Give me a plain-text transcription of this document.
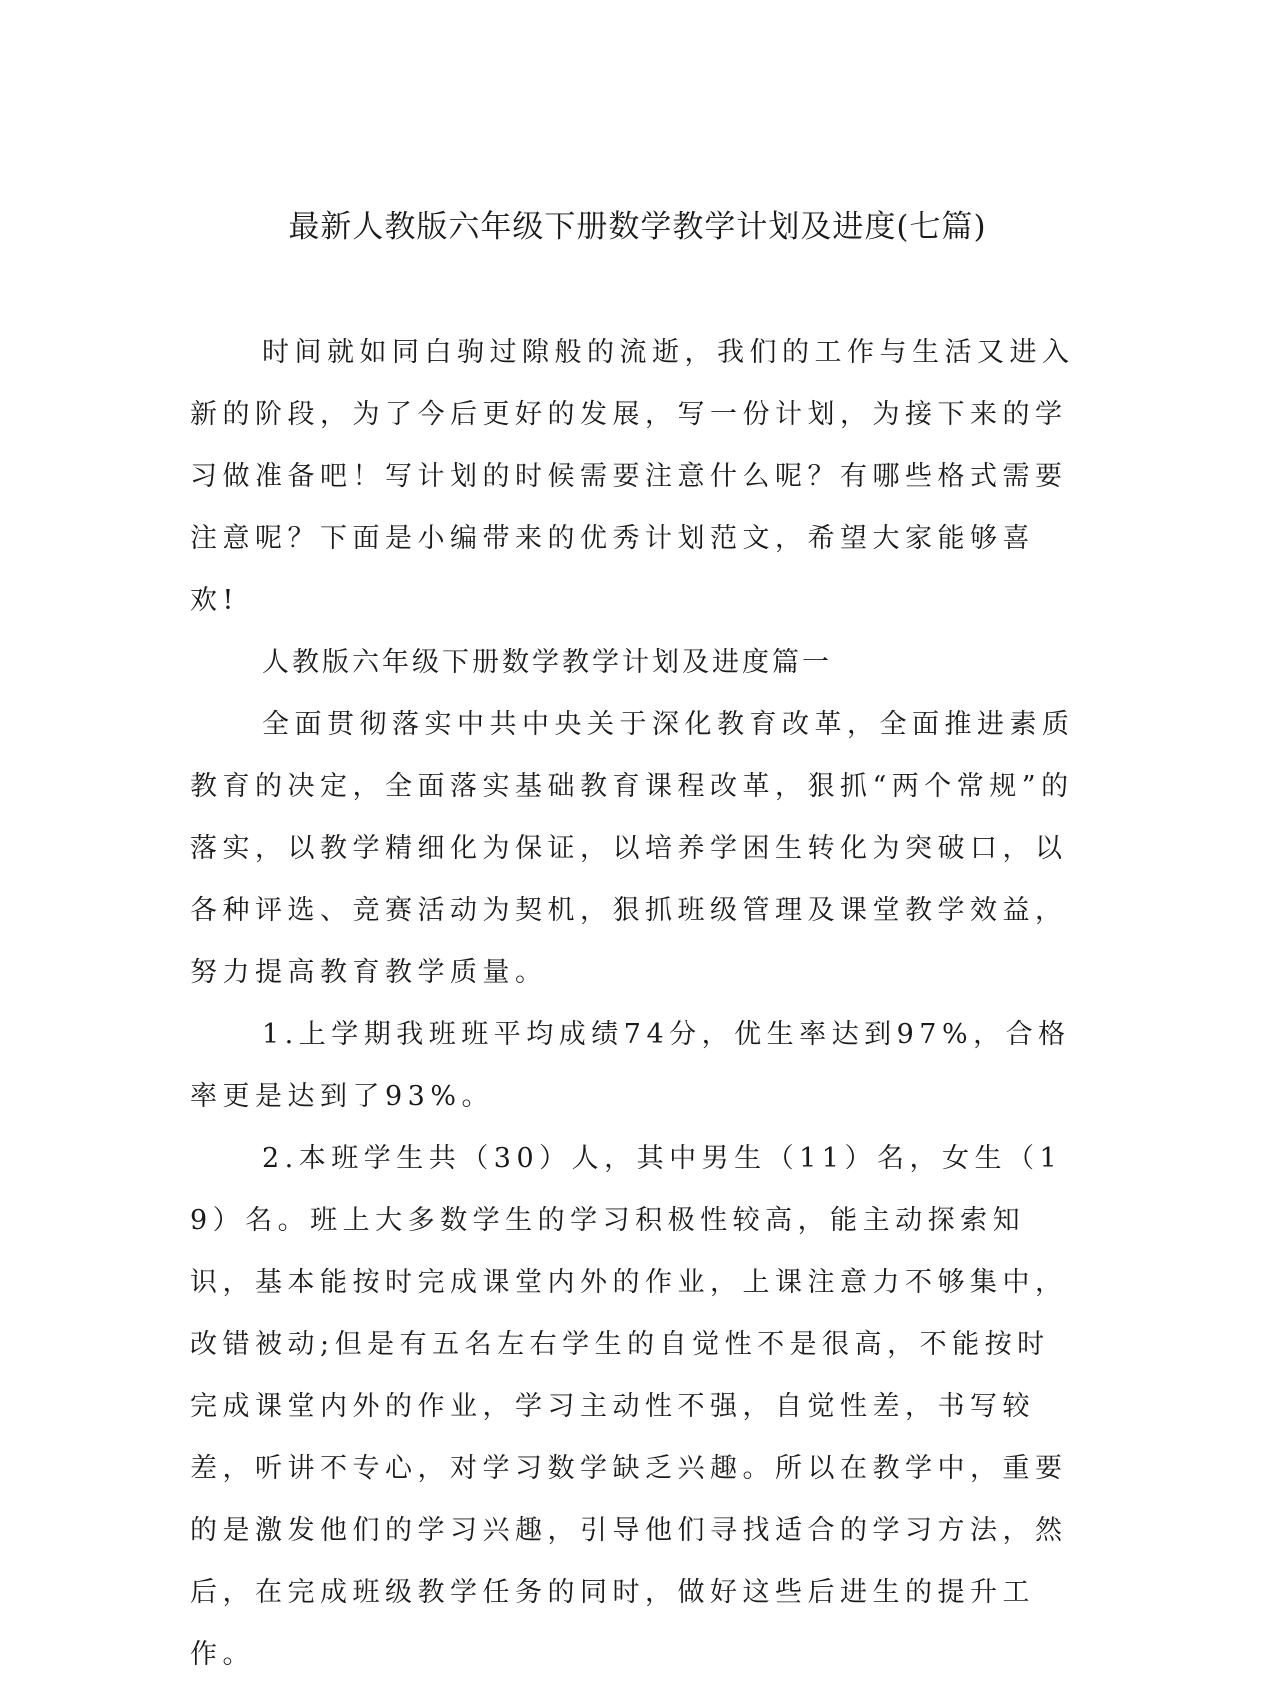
最新人教版六年级下册数学教学计划及进度(七篇)

时间就如同白驹过隙般的流逝，我们的工作与生活又进入新的阶段，为了今后更好的发展，写一份计划，为接下来的学习做准备吧！写计划的时候需要注意什么呢？有哪些格式需要注意呢？下面是小编带来的优秀计划范文，希望大家能够喜欢!

人教版六年级下册数学教学计划及进度篇一

全面贯彻落实中共中央关于深化教育改革，全面推进素质教育的决定，全面落实基础教育课程改革，狠抓“两个常规”的落实，以教学精细化为保证，以培养学困生转化为突破口，以各种评选、竞赛活动为契机，狠抓班级管理及课堂教学效益，努力提高教育教学质量。

1.上学期我班班平均成绩74分，优生率达到97%，合格率更是达到了93%。

2.本班学生共（30）人，其中男生（11）名，女生（19）名。班上大多数学生的学习积极性较高，能主动探索知识，基本能按时完成课堂内外的作业，上课注意力不够集中，改错被动;但是有五名左右学生的自觉性不是很高，不能按时完成课堂内外的作业，学习主动性不强，自觉性差，书写较差，听讲不专心，对学习数学缺乏兴趣。所以在教学中，重要的是激发他们的学习兴趣，引导他们寻找适合的学习方法，然后，在完成班级教学任务的同时，做好这些后进生的提升工作。
